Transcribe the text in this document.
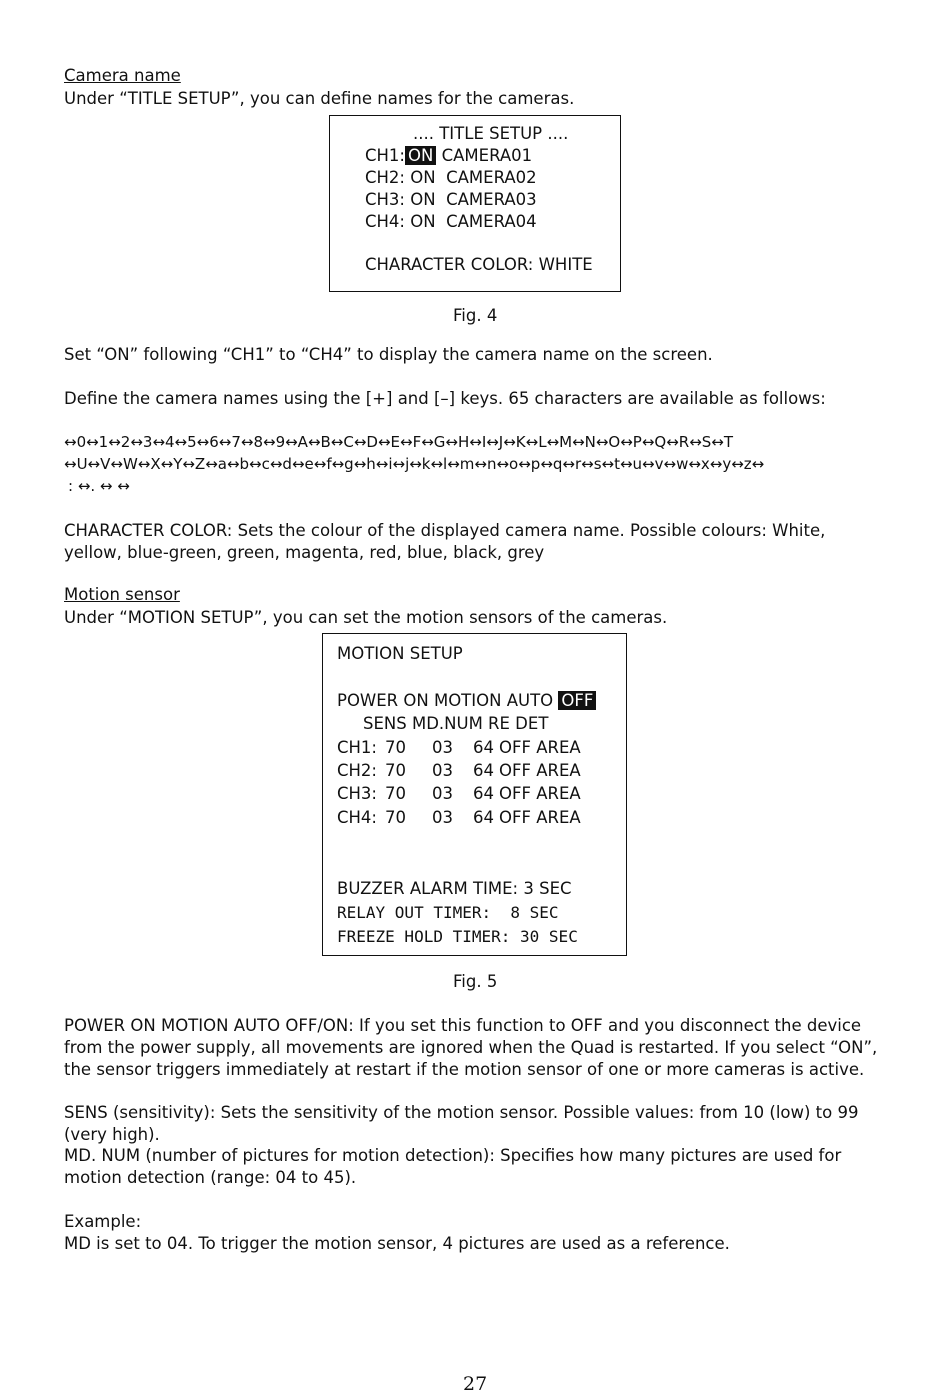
Camera name
Under “TITLE SETUP”, you can define names for the cameras.
.... TITLE SETUP ....
CH1: ON CAMERA01
CH2: ON CAMERA02
CH3: ON CAMERA03
CH4: ON CAMERA04
CHARACTER COLOR: WHITE
Fig. 4
Set “ON” following “CH1” to “CH4” to display the camera name on the screen.
Define the camera names using the [+] and [–] keys. 65 characters are available as follows:
↔0↔1↔2↔3↔4↔5↔6↔7↔8↔9↔A↔B↔C↔D↔E↔F↔G↔H↔I↔J↔K↔L↔M↔N↔O↔P↔Q↔R↔S↔T
↔U↔V↔W↔X↔Y↔Z↔a↔b↔c↔d↔e↔f↔g↔h↔i↔j↔k↔l↔m↔n↔o↔p↔q↔r↔s↔t↔u↔v↔w↔x↔y↔z↔
: ↔. ↔ ↔
CHARACTER COLOR: Sets the colour of the displayed camera name. Possible colours: White, yellow, blue-green, green, magenta, red, blue, black, grey
Motion sensor
Under “MOTION SETUP”, you can set the motion sensors of the cameras.
MOTION SETUP
POWER ON MOTION AUTO OFF
SENS MD.NUM RE DET
CH1: 70 03 64 OFF AREA
CH2: 70 03 64 OFF AREA
CH3: 70 03 64 OFF AREA
CH4: 70 03 64 OFF AREA
BUZZER ALARM TIME: 3 SEC
RELAY OUT TIMER:  8 SEC
FREEZE HOLD TIMER: 30 SEC
Fig. 5
POWER ON MOTION AUTO OFF/ON: If you set this function to OFF and you disconnect the device from the power supply, all movements are ignored when the Quad is restarted. If you select “ON”, the sensor triggers immediately at restart if the motion sensor of one or more cameras is active.
SENS (sensitivity): Sets the sensitivity of the motion sensor. Possible values: from 10 (low) to 99 (very high).
MD. NUM (number of pictures for motion detection): Specifies how many pictures are used for motion detection (range: 04 to 45).
Example:
MD is set to 04. To trigger the motion sensor, 4 pictures are used as a reference.
27
